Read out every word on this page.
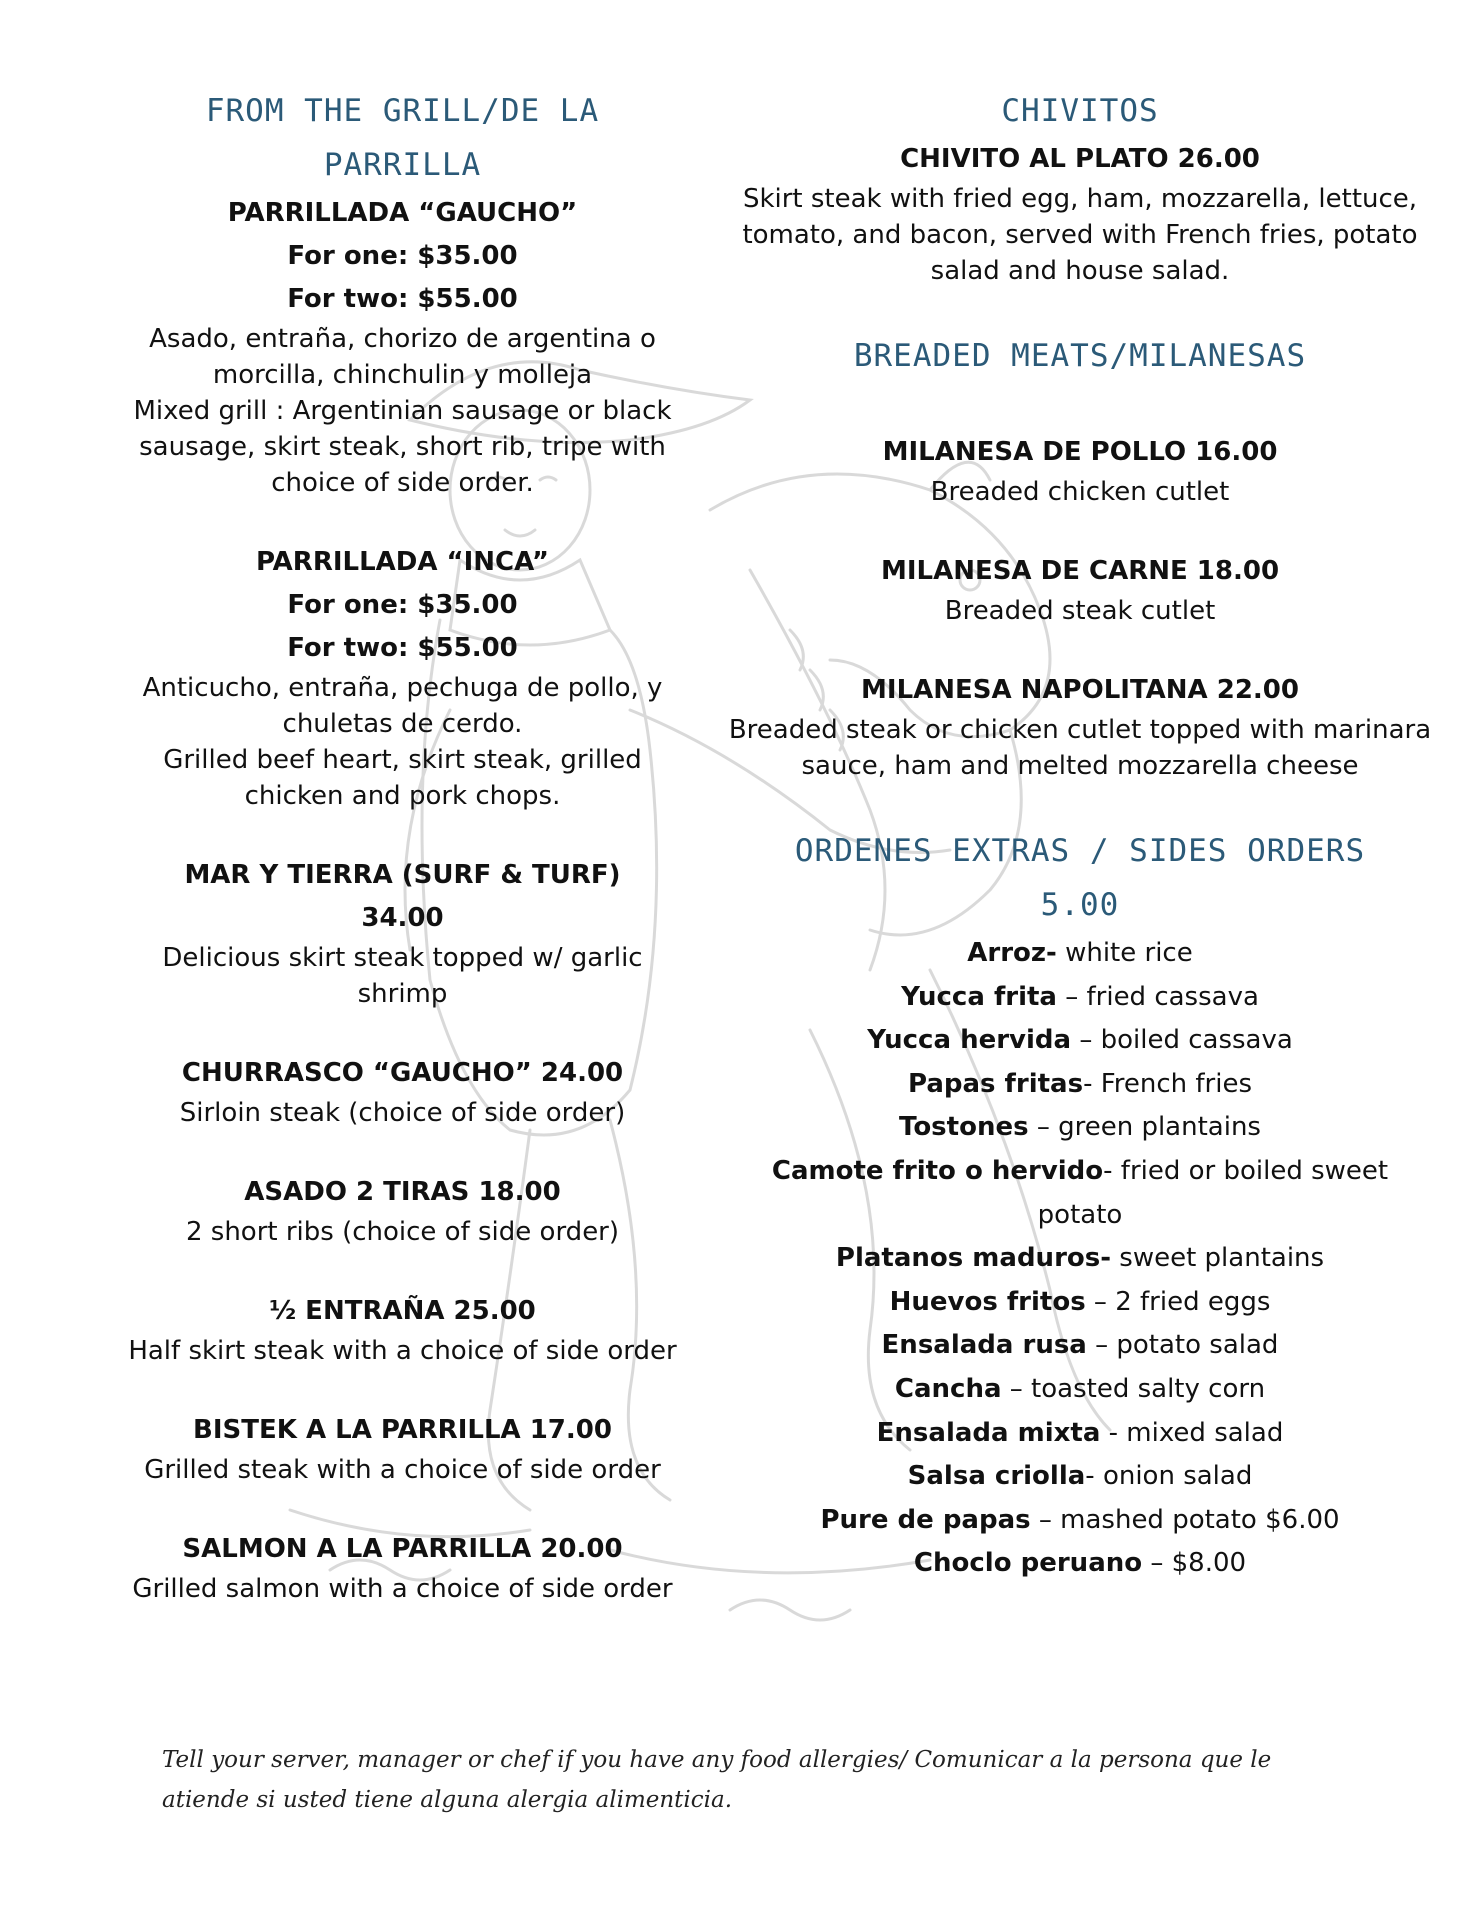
FROM THE GRILL/DE LA
PARRILLA
PARRILLADA “GAUCHO”
For one: $35.00
For two: $55.00
Asado, entraña, chorizo de argentina o
morcilla, chinchulin y molleja
Mixed grill : Argentinian sausage or black
sausage, skirt steak, short rib, tripe with
choice of side order.
PARRILLADA “INCA”
For one: $35.00
For two: $55.00
Anticucho, entraña, pechuga de pollo, y
chuletas de cerdo.
Grilled beef heart, skirt steak, grilled
chicken and pork chops.
MAR Y TIERRA (SURF & TURF)
34.00
Delicious skirt steak topped w/ garlic
shrimp
CHURRASCO “GAUCHO” 24.00
Sirloin steak (choice of side order)
ASADO 2 TIRAS 18.00
2 short ribs (choice of side order)
½ ENTRAÑA 25.00
Half skirt steak with a choice of side order
BISTEK A LA PARRILLA 17.00
Grilled steak with a choice of side order
SALMON A LA PARRILLA 20.00
Grilled salmon with a choice of side order
CHIVITOS
CHIVITO AL PLATO 26.00
Skirt steak with fried egg, ham, mozzarella, lettuce,
tomato, and bacon, served with French fries, potato
salad and house salad.
BREADED MEATS/MILANESAS
MILANESA DE POLLO 16.00
Breaded chicken cutlet
MILANESA DE CARNE 18.00
Breaded steak cutlet
MILANESA NAPOLITANA 22.00
Breaded steak or chicken cutlet topped with marinara
sauce, ham and melted mozzarella cheese
ORDENES EXTRAS / SIDES ORDERS
5.00
Arroz- white rice
Yucca frita – fried cassava
Yucca hervida – boiled cassava
Papas fritas- French fries
Tostones – green plantains
Camote frito o hervido- fried or boiled sweet
potato
Platanos maduros- sweet plantains
Huevos fritos – 2 fried eggs
Ensalada rusa – potato salad
Cancha – toasted salty corn
Ensalada mixta - mixed salad
Salsa criolla- onion salad
Pure de papas – mashed potato $6.00
Choclo peruano – $8.00
Tell your server, manager or chef if you have any food allergies/ Comunicar a la persona que le
atiende si usted tiene alguna alergia alimenticia.
